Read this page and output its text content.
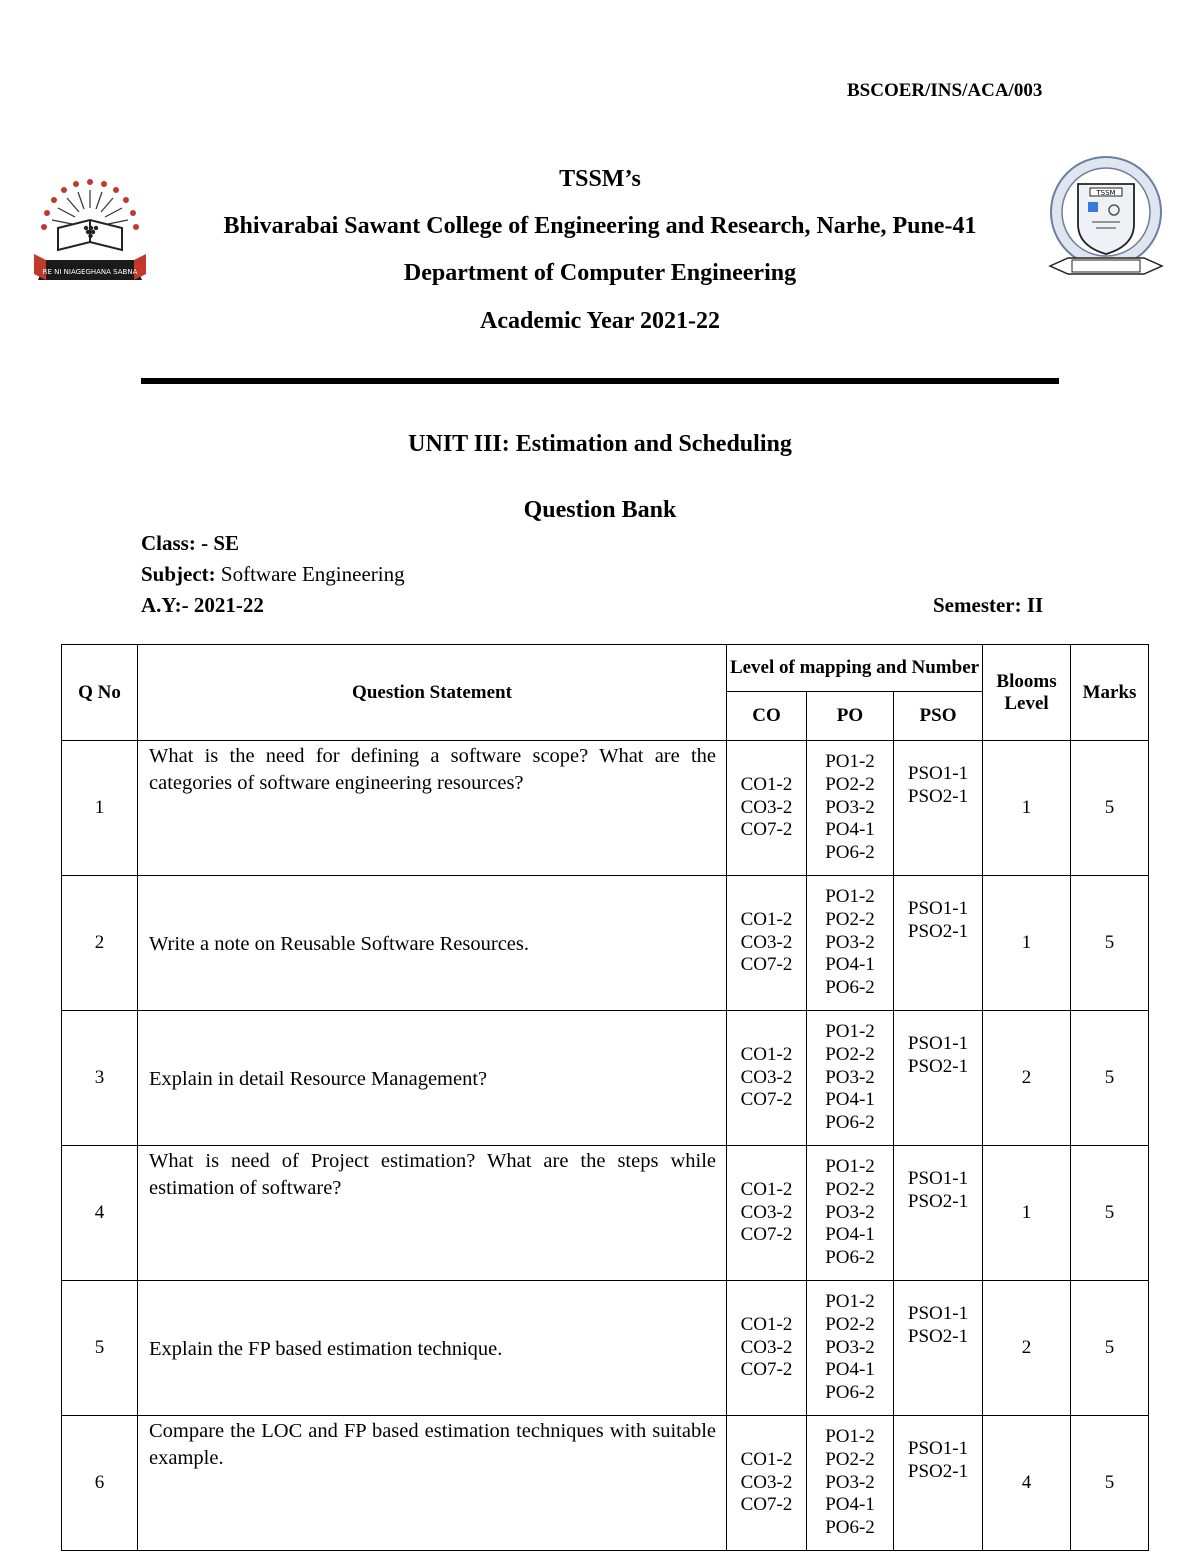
BSCOER/INS/ACA/003
RE NI NIAGEGHANA SABNA
TSSM
TSSM’s
Bhivarabai Sawant College of Engineering and Research, Narhe, Pune-41
Department of Computer Engineering
Academic Year 2021-22
UNIT III: Estimation and Scheduling
Question Bank
Class: - SE
Subject: Software Engineering
A.Y:- 2021-22	Semester: II
Q No	Question Statement	Level of mapping and Number			Blooms Level	Marks
		CO	PO	PSO		
1	What is the need for defining a software scope? What are the categories of software engineering resources?	CO1-2
CO3-2
CO7-2	PO1-2
PO2-2
PO3-2
PO4-1
PO6-2	PSO1-1
PSO2-1	1	5
2	Write a note on Reusable Software Resources.	CO1-2
CO3-2
CO7-2	PO1-2
PO2-2
PO3-2
PO4-1
PO6-2	PSO1-1
PSO2-1	1	5
3	Explain in detail Resource Management?	CO1-2
CO3-2
CO7-2	PO1-2
PO2-2
PO3-2
PO4-1
PO6-2	PSO1-1
PSO2-1	2	5
4	What is need of Project estimation? What are the steps while estimation of software?	CO1-2
CO3-2
CO7-2	PO1-2
PO2-2
PO3-2
PO4-1
PO6-2	PSO1-1
PSO2-1	1	5
5	Explain the FP based estimation technique.	CO1-2
CO3-2
CO7-2	PO1-2
PO2-2
PO3-2
PO4-1
PO6-2	PSO1-1
PSO2-1	2	5
6	Compare the LOC and FP based estimation techniques with suitable example.	CO1-2
CO3-2
CO7-2	PO1-2
PO2-2
PO3-2
PO4-1
PO6-2	PSO1-1
PSO2-1	4	5
